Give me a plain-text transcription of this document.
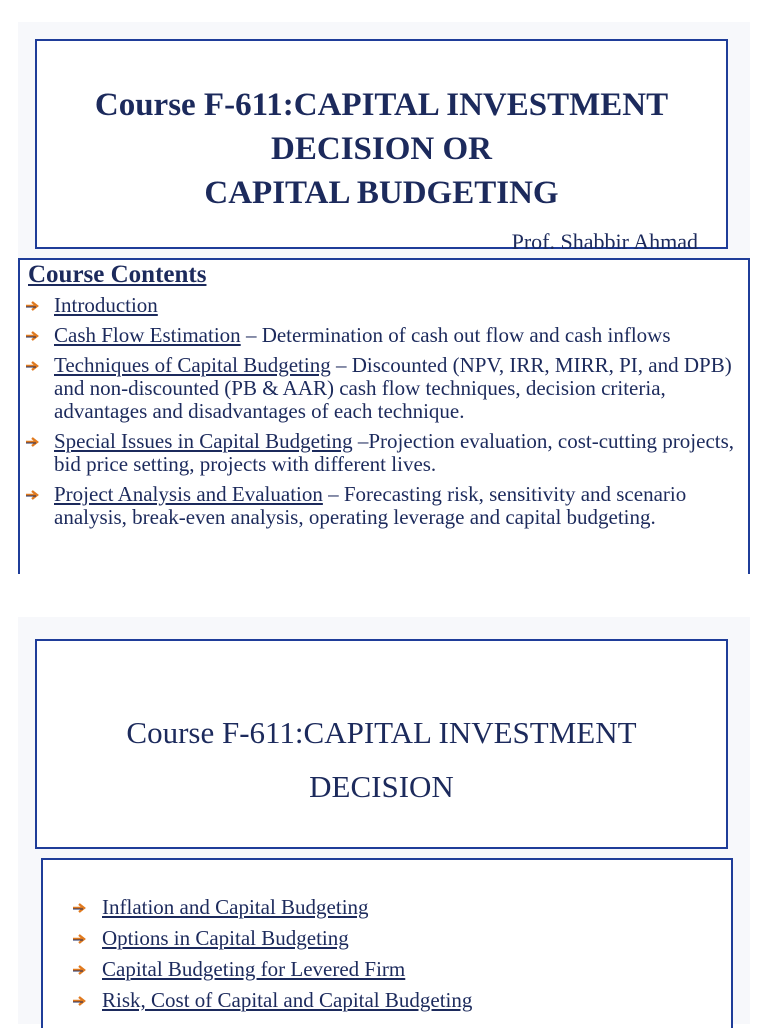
Course F-611:CAPITAL INVESTMENT
DECISION OR
CAPITAL BUDGETING
Prof. Shabbir Ahmad
Course Contents
Introduction
Cash Flow Estimation – Determination of cash out flow and cash inflows
Techniques of Capital Budgeting – Discounted (NPV, IRR, MIRR, PI, and DPB) and non-discounted (PB & AAR) cash flow techniques, decision criteria, advantages and disadvantages of each technique.
Special Issues in Capital Budgeting –Projection evaluation, cost-cutting projects, bid price setting, projects with different lives.
Project Analysis and Evaluation – Forecasting risk, sensitivity and scenario analysis, break-even analysis, operating leverage and capital budgeting.
Course F-611:CAPITAL INVESTMENT
DECISION
Inflation and Capital Budgeting
Options in Capital Budgeting
Capital Budgeting for Levered Firm
Risk, Cost of Capital and Capital Budgeting
